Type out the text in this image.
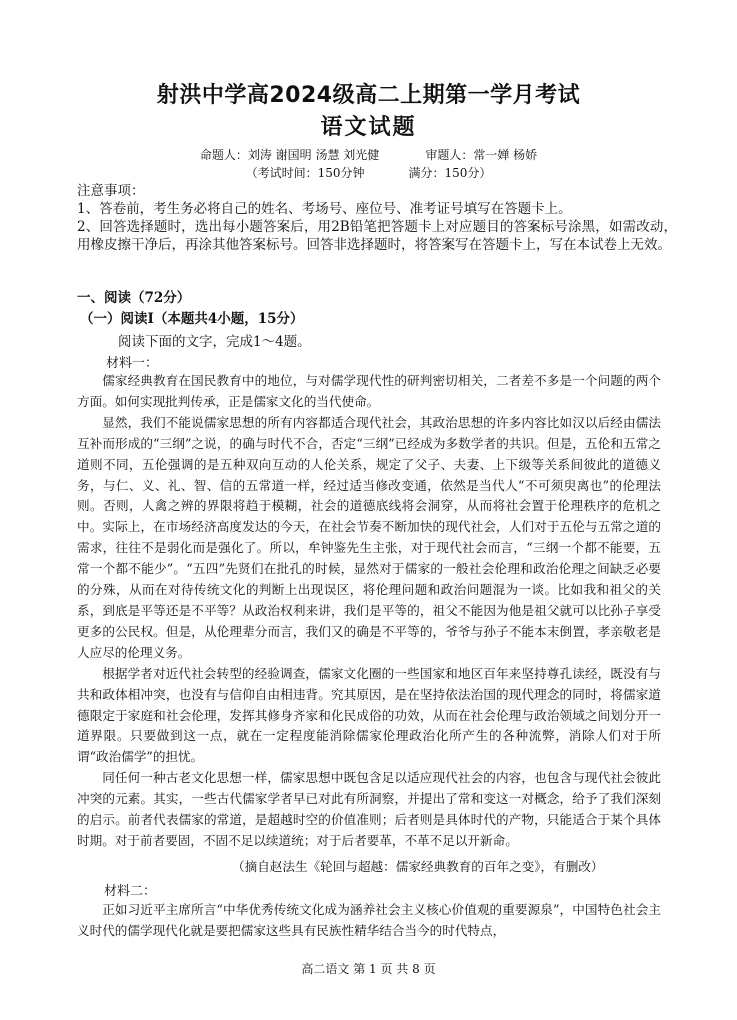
射洪中学高2024级高二上期第一学月考试
语文试题
命题人：刘涛 谢国明 汤慧 刘光健	审题人：常一婵 杨娇
（考试时间：150分钟	满分：150分）
注意事项：
1、答卷前，考生务必将自己的姓名、考场号、座位号、准考证号填写在答题卡上。
2、回答选择题时，选出每小题答案后，用2B铅笔把答题卡上对应题目的答案标号涂黑，如需改动，用橡皮擦干净后，再涂其他答案标号。回答非选择题时，将答案写在答题卡上，写在本试卷上无效。
一、阅读（72分）
（一）阅读Ⅰ（本题共4小题，15分）
阅读下面的文字，完成1～4题。
材料一：

儒家经典教育在国民教育中的地位，与对儒学现代性的研判密切相关，二者差不多是一个问题的两个方面。如何实现批判传承，正是儒家文化的当代使命。

显然，我们不能说儒家思想的所有内容都适合现代社会，其政治思想的许多内容比如汉以后经由儒法互补而形成的“三纲”之说，的确与时代不合，否定“三纲”已经成为多数学者的共识。但是，五伦和五常之道则不同，五伦强调的是五种双向互动的人伦关系，规定了父子、夫妻、上下级等关系间彼此的道德义务，与仁、义、礼、智、信的五常道一样，经过适当修改变通，依然是当代人“不可须臾离也”的伦理法则。否则，人禽之辨的界限将趋于模糊，社会的道德底线将会洞穿，从而将社会置于伦理秩序的危机之中。实际上，在市场经济高度发达的今天，在社会节奏不断加快的现代社会，人们对于五伦与五常之道的需求，往往不是弱化而是强化了。所以，牟钟鉴先生主张，对于现代社会而言，“三纲一个都不能要，五常一个都不能少”。“五四”先贤们在批孔的时候，显然对于儒家的一般社会伦理和政治伦理之间缺乏必要的分殊，从而在对待传统文化的判断上出现误区，将伦理问题和政治问题混为一谈。比如我和祖父的关系，到底是平等还是不平等？从政治权利来讲，我们是平等的，祖父不能因为他是祖父就可以比孙子享受更多的公民权。但是，从伦理辈分而言，我们又的确是不平等的，爷爷与孙子不能本末倒置，孝亲敬老是人应尽的伦理义务。

根据学者对近代社会转型的经验调查，儒家文化圈的一些国家和地区百年来坚持尊孔读经，既没有与共和政体相冲突，也没有与信仰自由相违背。究其原因，是在坚持依法治国的现代理念的同时，将儒家道德限定于家庭和社会伦理，发挥其修身齐家和化民成俗的功效，从而在社会伦理与政治领域之间划分开一道界限。只要做到这一点，就在一定程度能消除儒家伦理政治化所产生的各种流弊，消除人们对于所谓“政治儒学”的担忧。

同任何一种古老文化思想一样，儒家思想中既包含足以适应现代社会的内容，也包含与现代社会彼此冲突的元素。其实，一些古代儒家学者早已对此有所洞察，并提出了常和变这一对概念，给予了我们深刻的启示。前者代表儒家的常道，是超越时空的价值准则；后者则是具体时代的产物，只能适合于某个具体时期。对于前者要固，不固不足以续道统；对于后者要革，不革不足以开新命。

（摘自赵法生《轮回与超越：儒家经典教育的百年之变》，有删改）
材料二：

正如习近平主席所言“中华优秀传统文化成为涵养社会主义核心价值观的重要源泉”，中国特色社会主义时代的儒学现代化就是要把儒家这些具有民族性精华结合当今的时代特点，

高二语文 第 1 页 共 8 页
